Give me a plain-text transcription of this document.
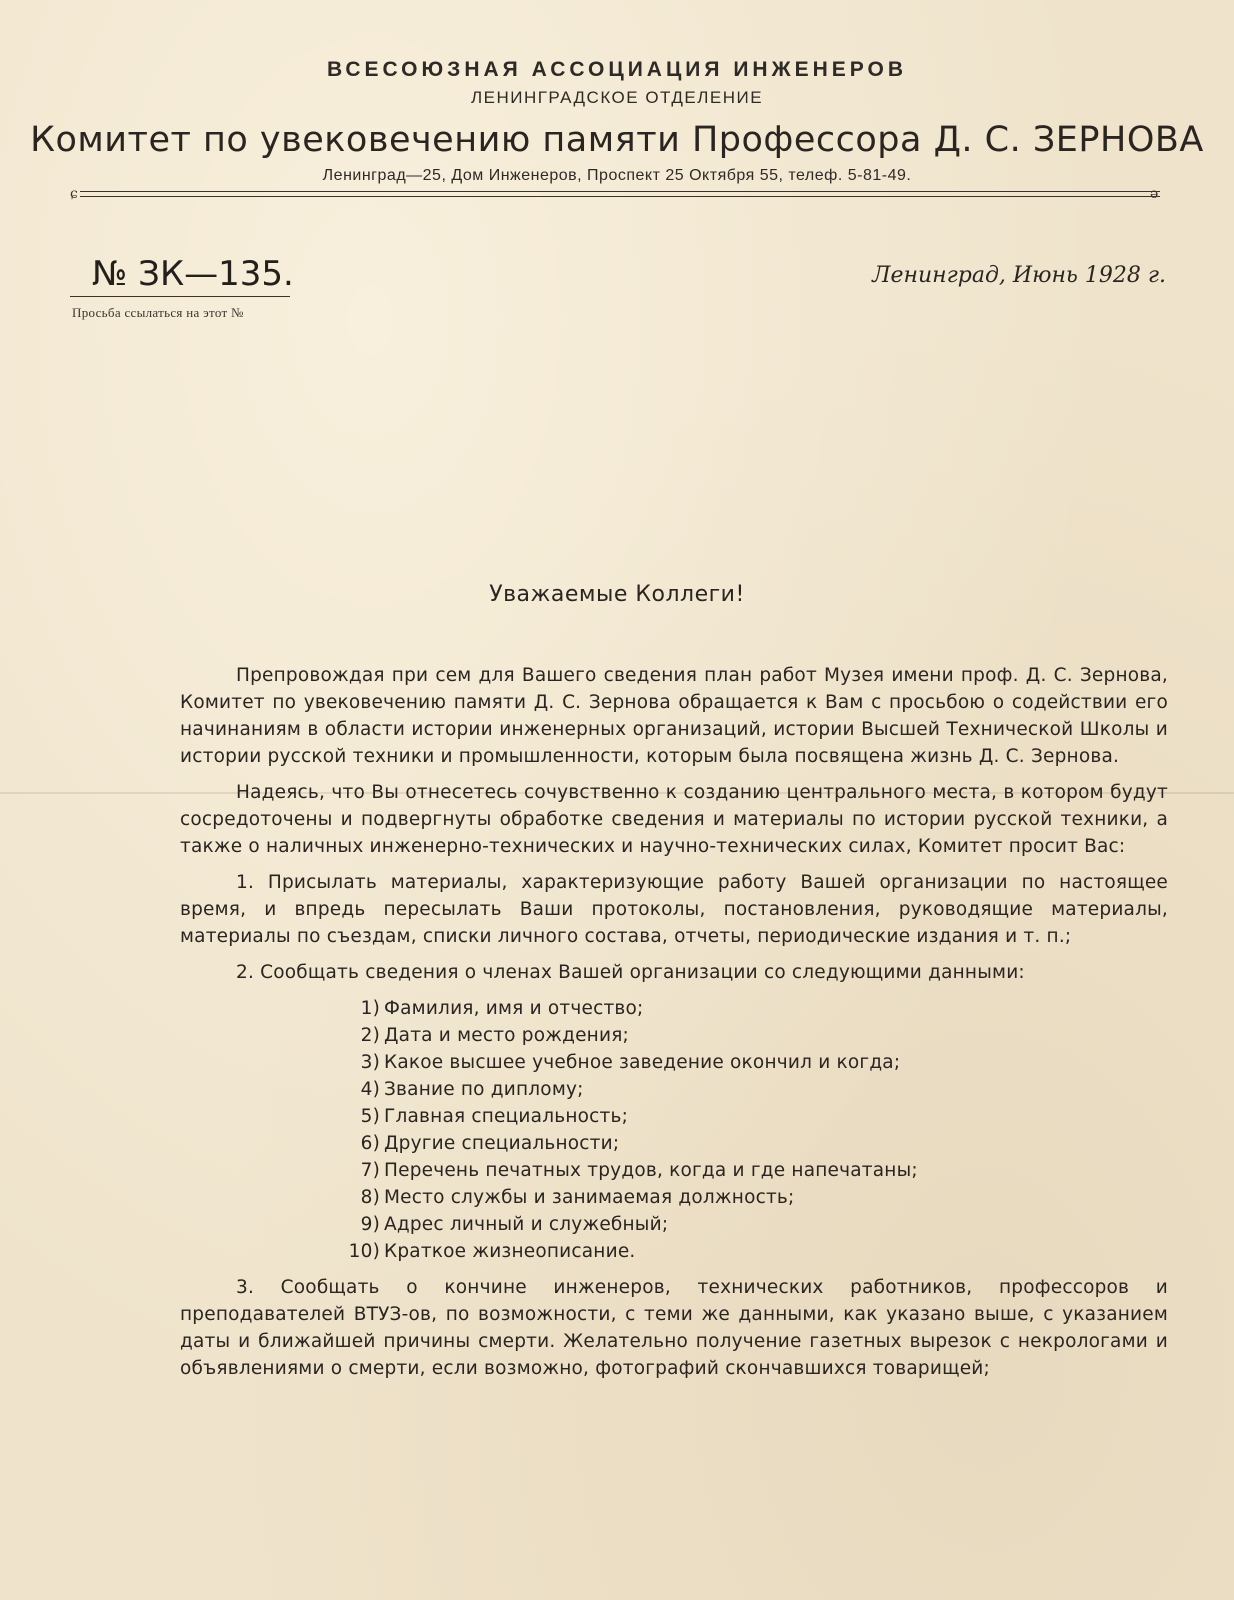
ВСЕСОЮЗНАЯ АССОЦИАЦИЯ ИНЖЕНЕРОВ
ЛЕНИНГРАДСКОЕ ОТДЕЛЕНИЕ
Комитет по увековечению памяти Профессора Д. С. ЗЕРНОВА
Ленинград—25, Дом Инженеров, Проспект 25 Октября 55, телеф. 5-81-49.
ɕ	ə
№ ЗК—135.
Просьба ссылаться на этот №
Ленинград, Июнь 1928 г.
Уважаемые Коллеги!

Препровождая при сем для Вашего сведения план работ Музея имени проф. Д. С. Зернова, Комитет по увековечению памяти Д. С. Зернова обращается к Вам с просьбою о содействии его начинаниям в области истории инженерных организаций, истории Высшей Технической Школы и истории русской техники и промышленности, которым была посвящена жизнь Д. С. Зернова.

Надеясь, что Вы отнесетесь сочувственно к созданию центрального места, в котором будут сосредоточены и подвергнуты обработке сведения и материалы по истории русской техники, а также о наличных инженерно-технических и научно-технических силах, Комитет просит Вас:

1. Присылать материалы, характеризующие работу Вашей организации по настоящее время, и впредь пересылать Ваши протоколы, постановления, руководящие материалы, материалы по съездам, списки личного состава, отчеты, периодические издания и т. п.;

2. Сообщать сведения о членах Вашей организации со следующими данными:

1) Фамилия, имя и отчество;
2) Дата и место рождения;
3) Какое высшее учебное заведение окончил и когда;
4) Звание по диплому;
5) Главная специальность;
6) Другие специальности;
7) Перечень печатных трудов, когда и где напечатаны;
8) Место службы и занимаемая должность;
9) Адрес личный и служебный;
10) Краткое жизнеописание.

3. Сообщать о кончине инженеров, технических работников, профессоров и преподавателей ВТУЗ-ов, по возможности, с теми же данными, как указано выше, с указанием даты и ближайшей причины смерти. Желательно получение газетных вырезок с некрологами и объявлениями о смерти, если возможно, фотографий скончавшихся товарищей;
